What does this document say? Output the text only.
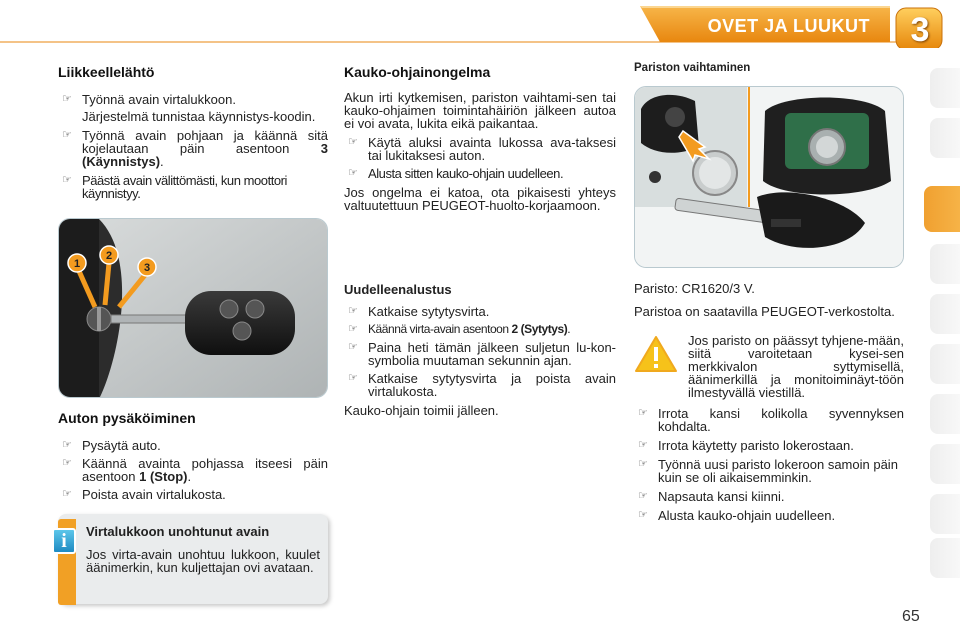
OVET JA LUUKUT 3
Liikkeellelähtö
☞ Työnnä avain virtalukkoon.
Järjestelmä tunnistaa käynnistys-koodin.
☞ Työnnä avain pohjaan ja käännä sitä kojelautaan päin asentoon 3 (Käynnistys).
☞ Päästä avain välittömästi, kun moottori käynnistyy.
1
2
3
Auton pysäköiminen
☞ Pysäytä auto.
☞ Käännä avainta pohjassa itseesi päin asentoon 1 (Stop).
☞ Poista avain virtalukosta.
i	Virtalukkoon unohtunut avain
Jos virta-avain unohtuu lukkoon, kuulet äänimerkin, kun kuljettajan ovi avataan.
Kauko-ohjainongelma
Akun irti kytkemisen, pariston vaihtami-sen tai kauko-ohjaimen toimintahäiriön jälkeen autoa ei voi avata, lukita eikä paikantaa.
☞ Käytä aluksi avainta lukossa ava-taksesi tai lukitaksesi auton.
☞ Alusta sitten kauko-ohjain uudelleen.
Jos ongelma ei katoa, ota pikaisesti yhteys valtuutettuun PEUGEOT-huolto-korjaamoon.
Uudelleenalustus
☞ Katkaise sytytysvirta.
☞ Käännä virta-avain asentoon 2 (Sytytys).
☞ Paina heti tämän jälkeen suljetun lu-kon-symbolia muutaman sekunnin ajan.
☞ Katkaise sytytysvirta ja poista avain virtalukosta.
Kauko-ohjain toimii jälleen.
Pariston vaihtaminen
Paristo: CR1620/3 V.
Paristoa on saatavilla PEUGEOT-verkostolta.
Jos paristo on päässyt tyhjene-mään, siitä varoitetaan kysei-sen merkkivalon syttymisellä, äänimerkillä ja monitoiminäyt-töön ilmestyvällä viestillä.
☞ Irrota kansi kolikolla syvennyksen kohdalta.
☞ Irrota käytetty paristo lokerostaan.
☞ Työnnä uusi paristo lokeroon samoin päin kuin se oli aikaisemminkin.
☞ Napsauta kansi kiinni.
☞ Alusta kauko-ohjain uudelleen.
65
